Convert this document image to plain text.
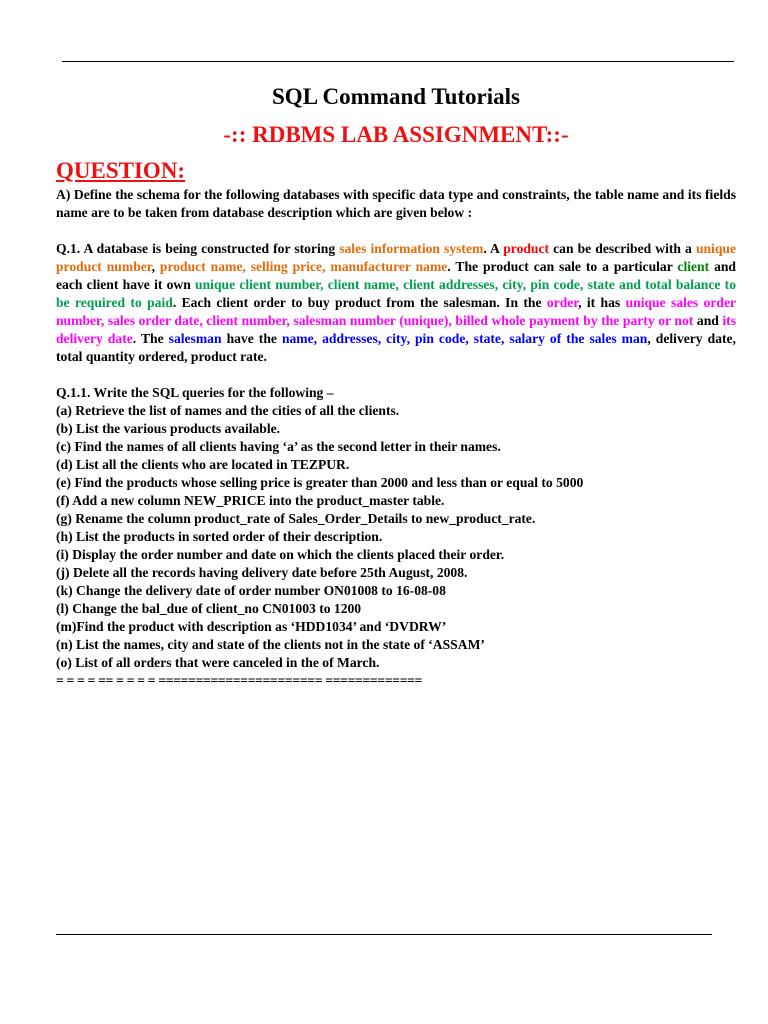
SQL Command Tutorials
-:: RDBMS LAB ASSIGNMENT::-
QUESTION:

A) Define the schema for the following databases with specific data type and constraints, the table name and its fields name are to be taken from database description which are given below :

Q.1. A database is being constructed for storing sales information system. A product can be described with a unique product number, product name, selling price, manufacturer name. The product can sale to a particular client and each client have it own unique client number, client name, client addresses, city, pin code, state and total balance to be required to paid. Each client order to buy product from the salesman. In the order, it has unique sales order number, sales order date, client number, salesman number (unique), billed whole payment by the party or not and its delivery date. The salesman have the name, addresses, city, pin code, state, salary of the sales man, delivery date, total quantity ordered, product rate.

Q.1.1. Write the SQL queries for the following –

(a) Retrieve the list of names and the cities of all the clients.

(b) List the various products available.

(c) Find the names of all clients having ‘a’ as the second letter in their names.

(d) List all the clients who are located in TEZPUR.

(e) Find the products whose selling price is greater than 2000 and less than or equal to 5000

(f) Add a new column NEW_PRICE into the product_master table.

(g) Rename the column product_rate of Sales_Order_Details to new_product_rate.

(h) List the products in sorted order of their description.

(i) Display the order number and date on which the clients placed their order.

(j) Delete all the records having delivery date before 25th August, 2008.

(k) Change the delivery date of order number ON01008 to 16-08-08

(l) Change the bal_due of client_no CN01003 to 1200

(m)Find the product with description as ‘HDD1034’ and ‘DVDRW’

(n) List the names, city and state of the clients not in the state of ‘ASSAM’

(o) List of all orders that were canceled in the of March.

= = = = == = = = = ====================== =============
